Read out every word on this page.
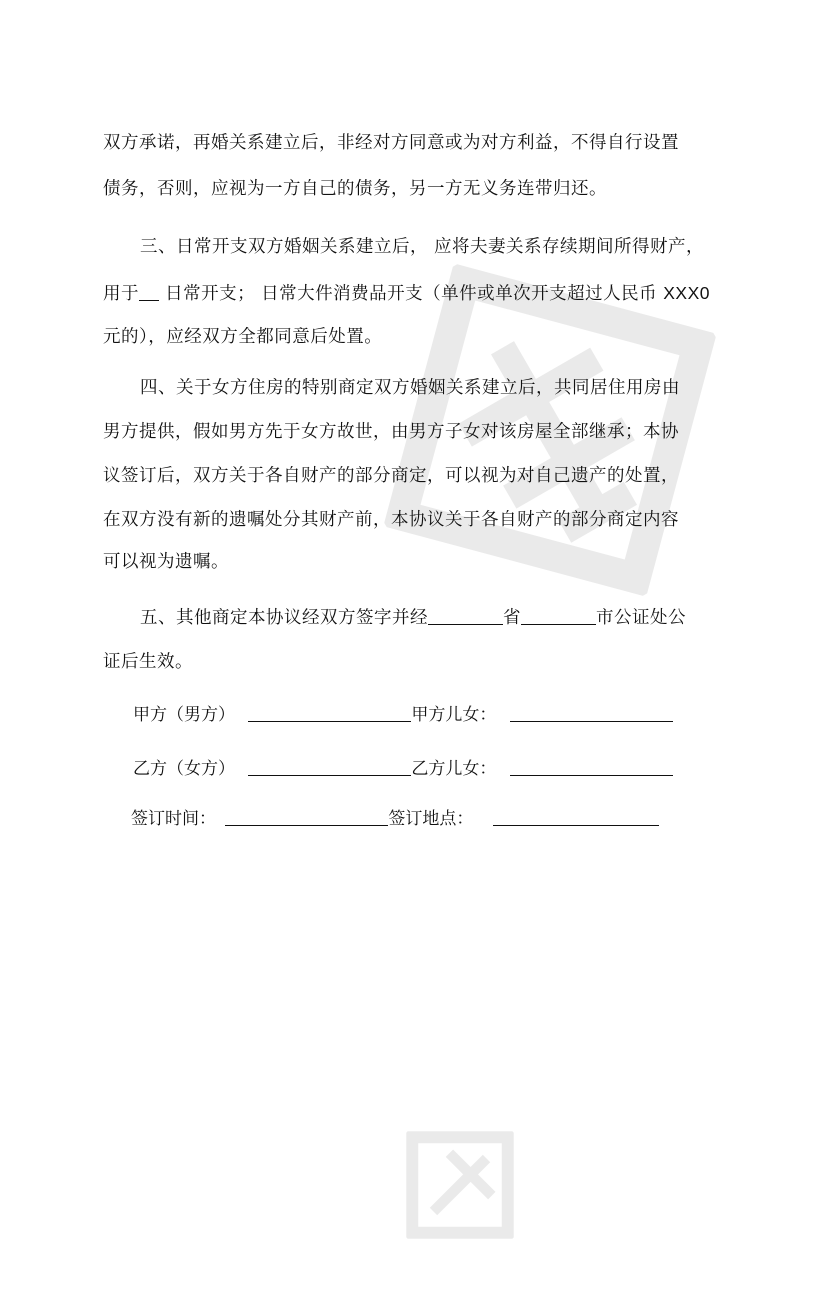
双方承诺，再婚关系建立后，非经对方同意或为对方利益，不得自行设置
债务，否则，应视为一方自己的债务，另一方无义务连带归还。
三、日常开支双方婚姻关系建立后， 应将夫妻关系存续期间所得财产，
用于 日常开支； 日常大件消费品开支（单件或单次开支超过人民币 XXX0
元的），应经双方全都同意后处置。
四、关于女方住房的特别商定双方婚姻关系建立后，共同居住用房由
男方提供，假如男方先于女方故世，由男方子女对该房屋全部继承；本协
议签订后，双方关于各自财产的部分商定，可以视为对自己遗产的处置，
在双方没有新的遗嘱处分其财产前，本协议关于各自财产的部分商定内容
可以视为遗嘱。
五、其他商定本协议经双方签字并经	省	市公证处公
证后生效。
甲方（男方）	甲方儿女：
乙方（女方）	乙方儿女：
签订时间：	签订地点：
